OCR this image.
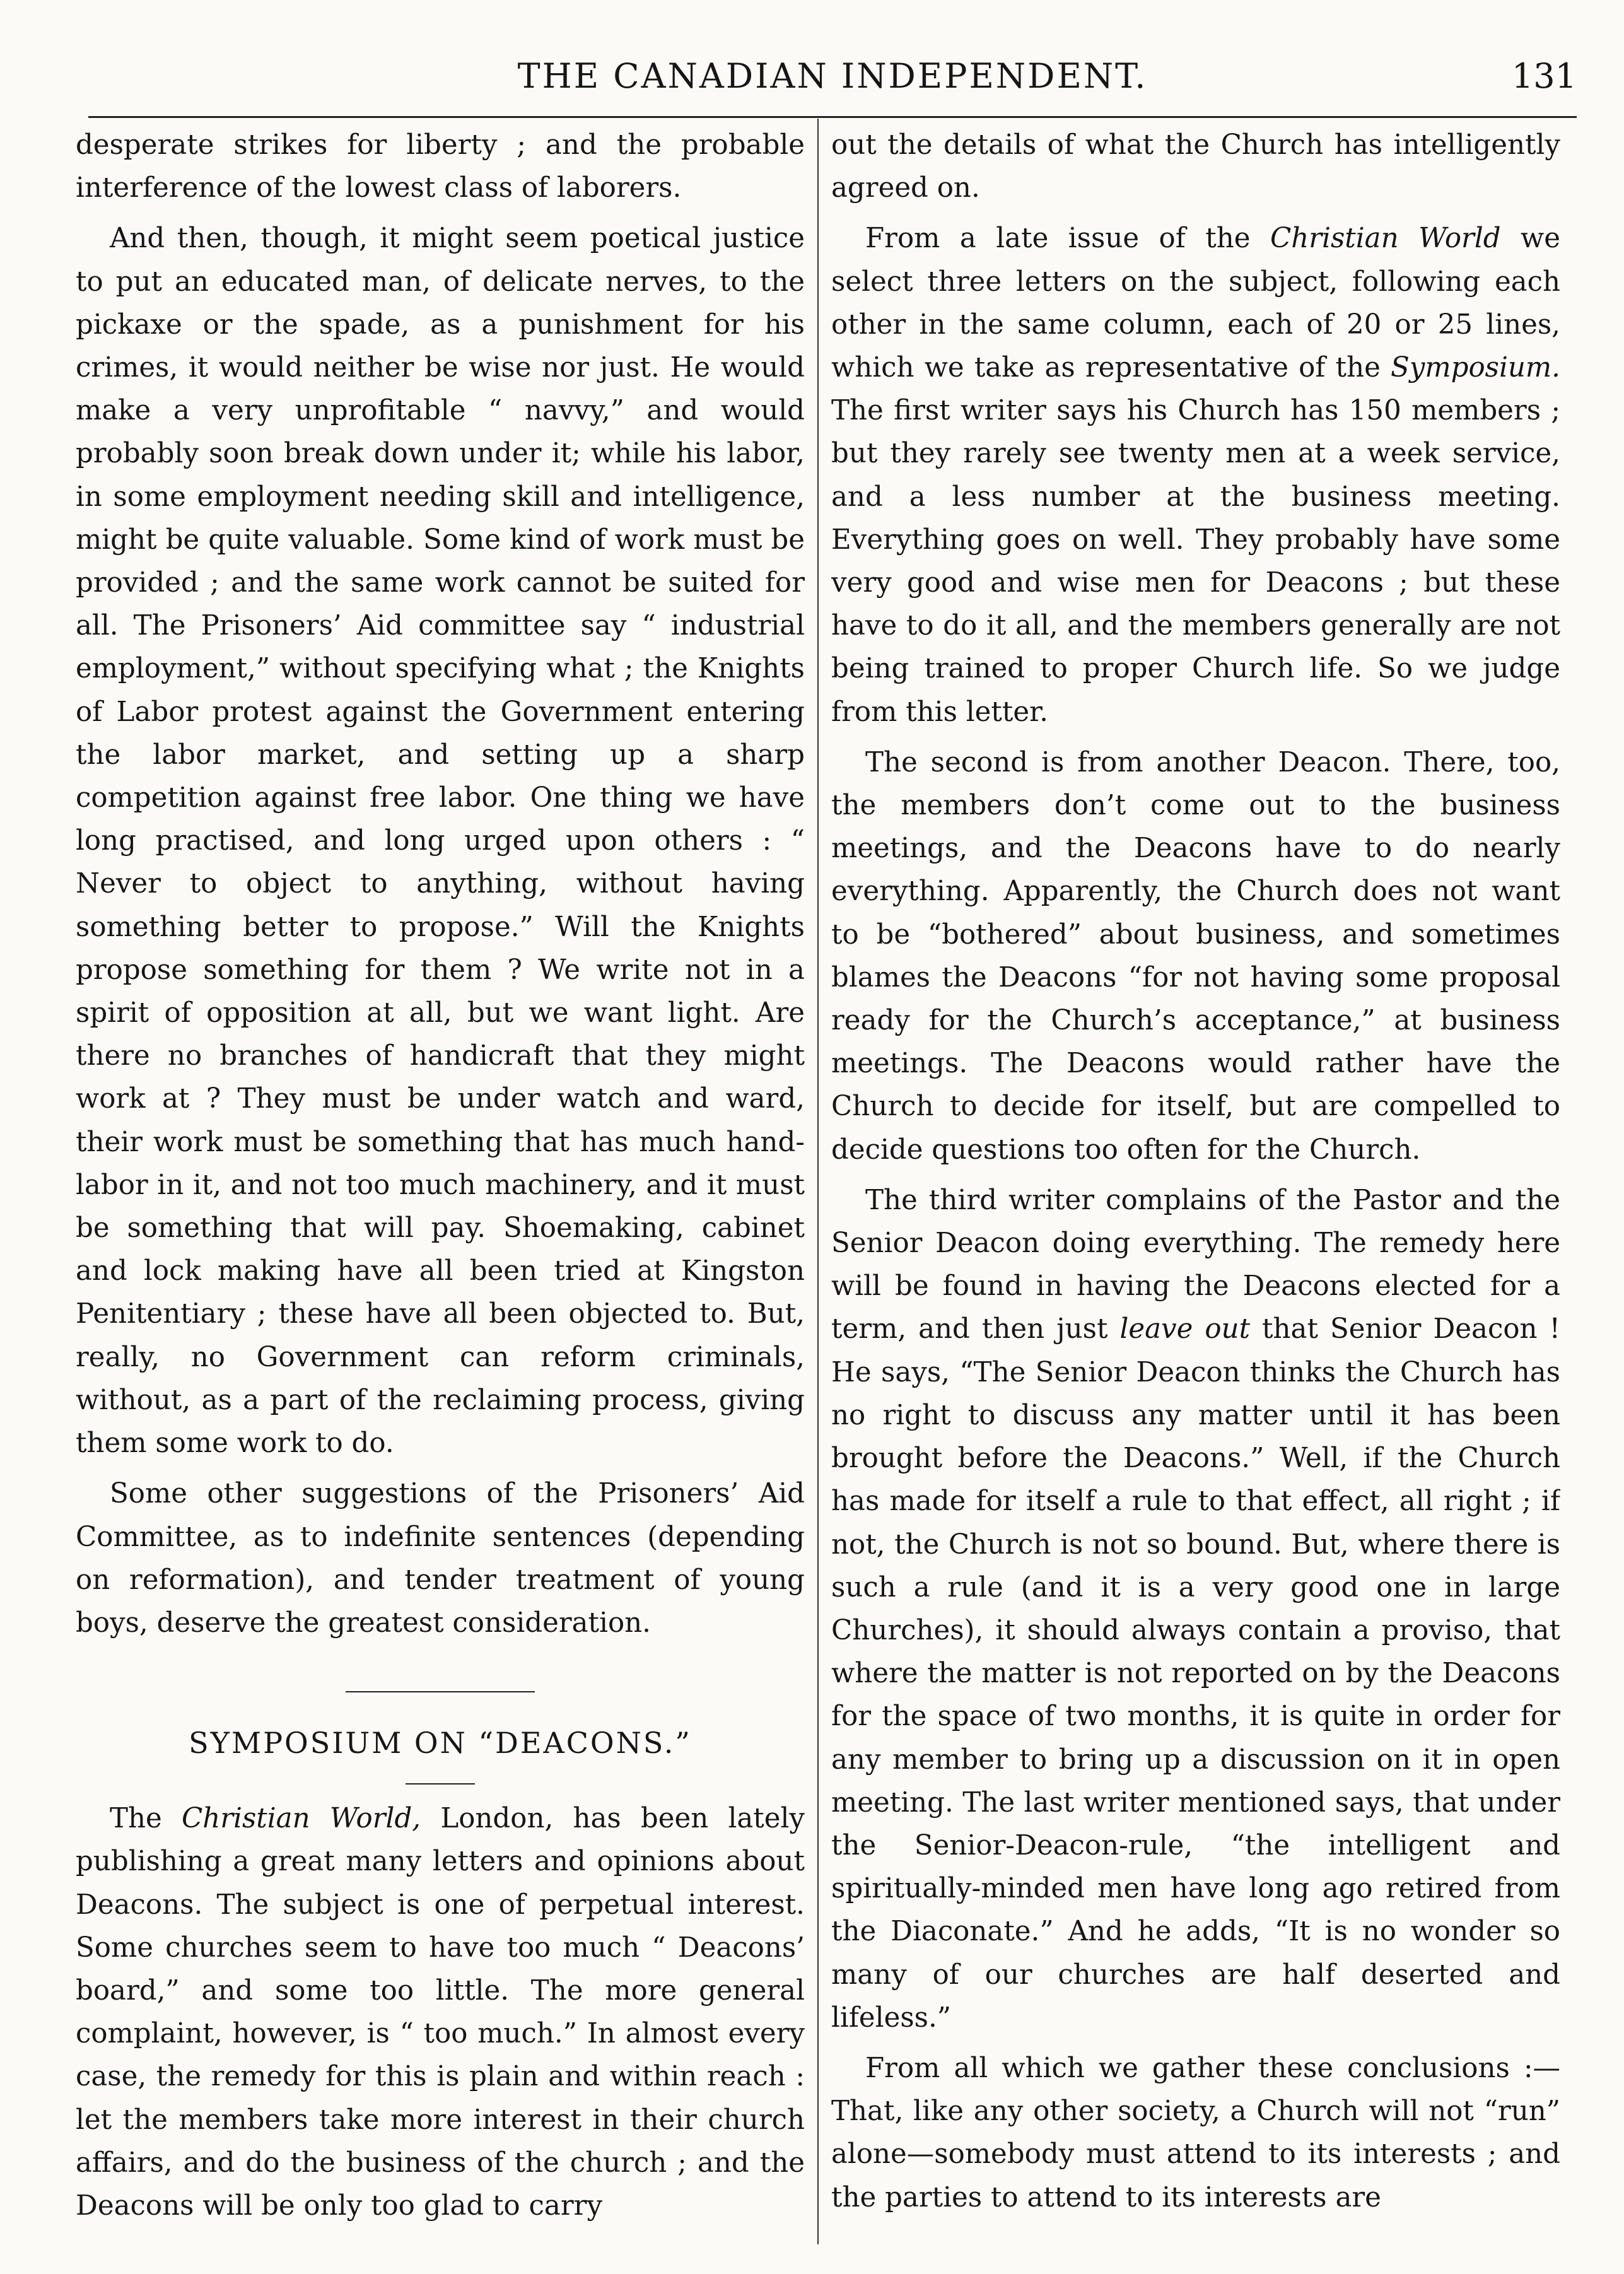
THE CANADIAN INDEPENDENT.	131

desperate strikes for liberty ; and the probable interference of the lowest class of laborers.

And then, though, it might seem poetical justice to put an educated man, of delicate nerves, to the pickaxe or the spade, as a punishment for his crimes, it would neither be wise nor just. He would make a very unprofitable “ navvy,” and would probably soon break down under it; while his labor, in some employment needing skill and intelligence, might be quite valuable. Some kind of work must be provided ; and the same work cannot be suited for all. The Prisoners’ Aid committee say “ industrial employment,” without specifying what ; the Knights of Labor protest against the Government entering the labor market, and setting up a sharp competition against free labor. One thing we have long practised, and long urged upon others : “ Never to object to anything, without having something better to propose.” Will the Knights propose something for them ? We write not in a spirit of opposition at all, but we want light. Are there no branches of handicraft that they might work at ? They must be under watch and ward, their work must be something that has much hand-labor in it, and not too much machinery, and it must be something that will pay. Shoemaking, cabinet and lock making have all been tried at Kingston Penitentiary ; these have all been objected to. But, really, no Government can reform criminals, without, as a part of the reclaiming process, giving them some work to do.

Some other suggestions of the Prisoners’ Aid Committee, as to indefinite sentences (depending on reformation), and tender treatment of young boys, deserve the greatest consideration.

SYMPOSIUM ON “DEACONS.”

The Christian World, London, has been lately publishing a great many letters and opinions about Deacons. The subject is one of perpetual interest. Some churches seem to have too much “ Deacons’ board,” and some too little. The more general complaint, however, is “ too much.” In almost every case, the remedy for this is plain and within reach : let the members take more interest in their church affairs, and do the business of the church ; and the Deacons will be only too glad to carry

out the details of what the Church has intelligently agreed on.

From a late issue of the Christian World we select three letters on the subject, following each other in the same column, each of 20 or 25 lines, which we take as representative of the Symposium. The first writer says his Church has 150 members ; but they rarely see twenty men at a week service, and a less number at the business meeting. Everything goes on well. They probably have some very good and wise men for Deacons ; but these have to do it all, and the members generally are not being trained to proper Church life. So we judge from this letter.

The second is from another Deacon. There, too, the members don’t come out to the business meetings, and the Deacons have to do nearly everything. Apparently, the Church does not want to be “bothered” about business, and sometimes blames the Deacons “for not having some proposal ready for the Church’s acceptance,” at business meetings. The Deacons would rather have the Church to decide for itself, but are compelled to decide questions too often for the Church.

The third writer complains of the Pastor and the Senior Deacon doing everything. The remedy here will be found in having the Deacons elected for a term, and then just leave out that Senior Deacon ! He says, “The Senior Deacon thinks the Church has no right to discuss any matter until it has been brought before the Deacons.” Well, if the Church has made for itself a rule to that effect, all right ; if not, the Church is not so bound. But, where there is such a rule (and it is a very good one in large Churches), it should always contain a proviso, that where the matter is not reported on by the Deacons for the space of two months, it is quite in order for any member to bring up a discussion on it in open meeting. The last writer mentioned says, that under the Senior-Deacon-rule, “the intelligent and spiritually-minded men have long ago retired from the Diaconate.” And he adds, “It is no wonder so many of our churches are half deserted and lifeless.”

From all which we gather these conclusions :— That, like any other society, a Church will not “run” alone—somebody must attend to its interests ; and the parties to attend to its interests are
